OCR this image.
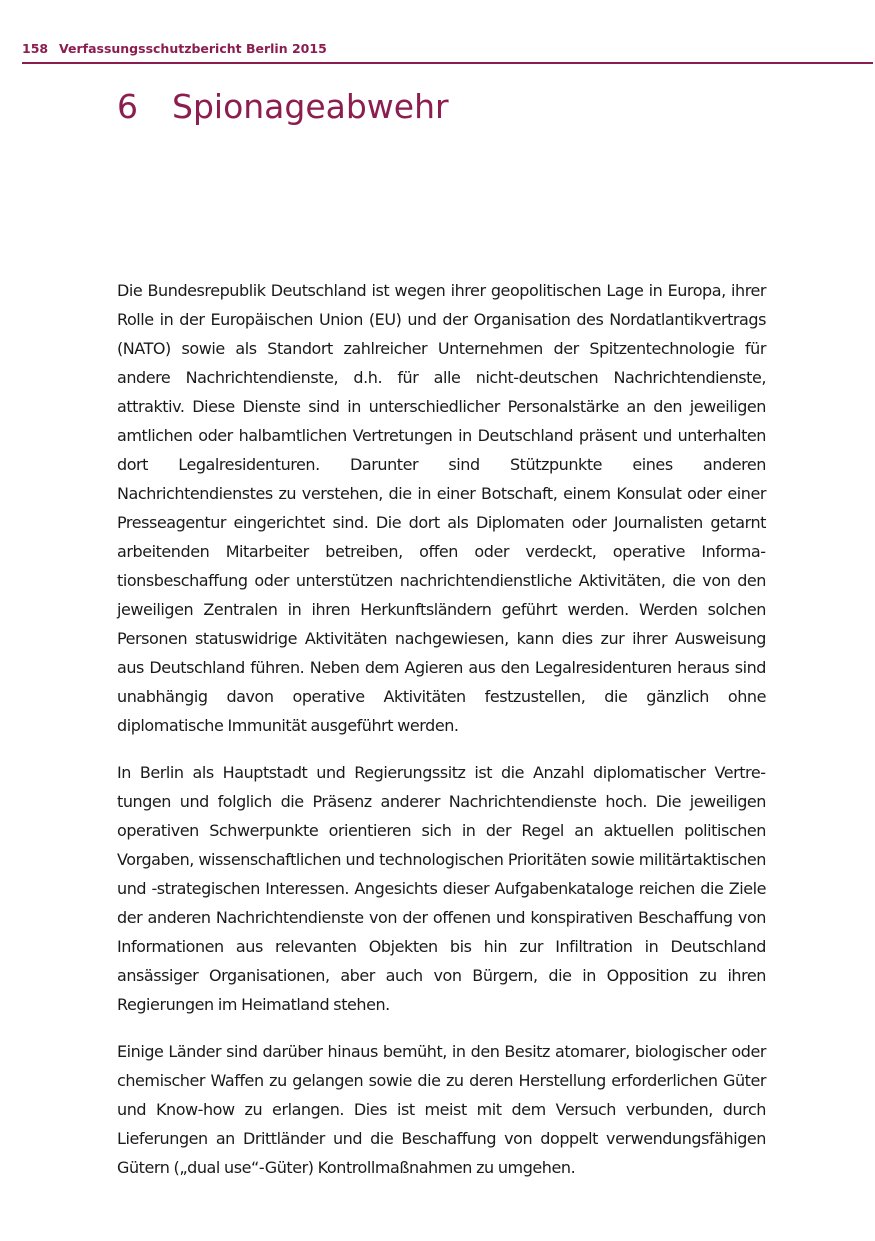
158 Verfassungsschutzbericht Berlin 2015
6 Spionageabwehr

Die Bundesrepublik Deutschland ist wegen ihrer geopolitischen Lage in Europa, ihrer Rolle in der Europäischen Union (EU) und der Organisation des Nordatlantikvertrags (NATO) sowie als Standort zahlreicher Unternehmen der Spitzentechnologie für andere Nachrichtendienste, d.h. für alle nicht-deutschen Nachrichtendienste, attraktiv. Diese Dienste sind in unterschiedlicher Personalstärke an den jeweiligen amtlichen oder halbamtlichen Vertretungen in Deutschland präsent und unterhalten dort Legalresidenturen. Darunter sind Stützpunkte eines anderen Nachrichtendienstes zu verstehen, die in einer Botschaft, einem Konsulat oder einer Presseagentur eingerichtet sind. Die dort als Diplomaten oder Journalisten getarnt arbeitenden Mitarbeiter betreiben, offen oder verdeckt, operative Informationsbeschaffung oder unterstützen nachrichtendienstliche Aktivitäten, die von den jeweiligen Zentralen in ihren Herkunftsländern geführt werden. Werden solchen Personen statuswidrige Aktivitäten nachgewiesen, kann dies zur ihrer Ausweisung aus Deutschland führen. Neben dem Agieren aus den Legalresidenturen heraus sind unabhängig davon operative Aktivitäten festzustellen, die gänzlich ohne diplomatische Immunität ausgeführt werden.

In Berlin als Hauptstadt und Regierungssitz ist die Anzahl diplomatischer Vertretungen und folglich die Präsenz anderer Nachrichtendienste hoch. Die jeweiligen operativen Schwerpunkte orientieren sich in der Regel an aktuellen politischen Vorgaben, wissenschaftlichen und technologischen Prioritäten sowie militärtaktischen und -strategischen Interessen. Angesichts dieser Aufgabenkataloge reichen die Ziele der anderen Nachrichtendienste von der offenen und konspirativen Beschaffung von Informationen aus relevanten Objekten bis hin zur Infiltration in Deutschland ansässiger Organisationen, aber auch von Bürgern, die in Opposition zu ihren Regierungen im Heimatland stehen.

Einige Länder sind darüber hinaus bemüht, in den Besitz atomarer, biologischer oder chemischer Waffen zu gelangen sowie die zu deren Herstellung erforderlichen Güter und Know-how zu erlangen. Dies ist meist mit dem Versuch verbunden, durch Lieferungen an Drittländer und die Beschaffung von doppelt verwendungsfähigen Gütern („dual use“-Güter) Kontrollmaßnahmen zu umgehen.
